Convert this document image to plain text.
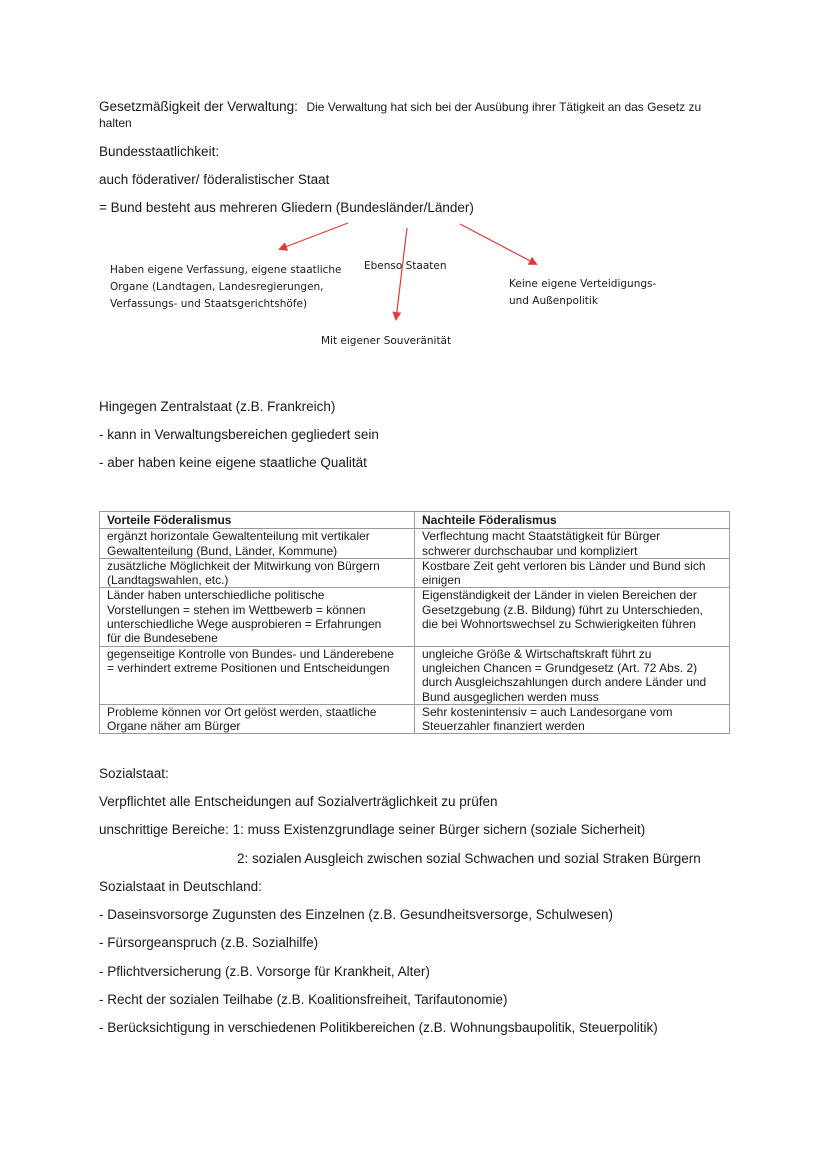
Gesetzmäßigkeit der Verwaltung: Die Verwaltung hat sich bei der Ausübung ihrer Tätigkeit an das Gesetz zu
halten
Bundesstaatlichkeit:
auch föderativer/ föderalistischer Staat
= Bund besteht aus mehreren Gliedern (Bundesländer/Länder)
Haben eigene Verfassung, eigene staatliche
Organe (Landtagen, Landesregierungen,
Verfassungs- und Staatsgerichtshöfe)
Ebenso Staaten
Keine eigene Verteidigungs-
und Außenpolitik
Mit eigener Souveränität
Hingegen Zentralstaat (z.B. Frankreich)
- kann in Verwaltungsbereichen gegliedert sein
- aber haben keine eigene staatliche Qualität
Vorteile Föderalismus	Nachteile Föderalismus

ergänzt horizontale Gewaltenteilung mit vertikaler
Gewaltenteilung (Bund, Länder, Kommune)	Verflechtung macht Staatstätigkeit für Bürger
schwerer durchschaubar und kompliziert

zusätzliche Möglichkeit der Mitwirkung von Bürgern
(Landtagswahlen, etc.)	Kostbare Zeit geht verloren bis Länder und Bund sich
einigen

Länder haben unterschiedliche politische
Vorstellungen = stehen im Wettbewerb = können
unterschiedliche Wege ausprobieren = Erfahrungen
für die Bundesebene	Eigenständigkeit der Länder in vielen Bereichen der
Gesetzgebung (z.B. Bildung) führt zu Unterschieden,
die bei Wohnortswechsel zu Schwierigkeiten führen

gegenseitige Kontrolle von Bundes- und Länderebene
= verhindert extreme Positionen und Entscheidungen	ungleiche Größe & Wirtschaftskraft führt zu
ungleichen Chancen = Grundgesetz (Art. 72 Abs. 2)
durch Ausgleichszahlungen durch andere Länder und
Bund ausgeglichen werden muss

Probleme können vor Ort gelöst werden, staatliche
Organe näher am Bürger	Sehr kostenintensiv = auch Landesorgane vom
Steuerzahler finanziert werden
Sozialstaat:
Verpflichtet alle Entscheidungen auf Sozialverträglichkeit zu prüfen
unschrittige Bereiche: 1: muss Existenzgrundlage seiner Bürger sichern (soziale Sicherheit)
2: sozialen Ausgleich zwischen sozial Schwachen und sozial Straken Bürgern
Sozialstaat in Deutschland:
- Daseinsvorsorge Zugunsten des Einzelnen (z.B. Gesundheitsversorge, Schulwesen)
- Fürsorgeanspruch (z.B. Sozialhilfe)
- Pflichtversicherung (z.B. Vorsorge für Krankheit, Alter)
- Recht der sozialen Teilhabe (z.B. Koalitionsfreiheit, Tarifautonomie)
- Berücksichtigung in verschiedenen Politikbereichen (z.B. Wohnungsbaupolitik, Steuerpolitik)
